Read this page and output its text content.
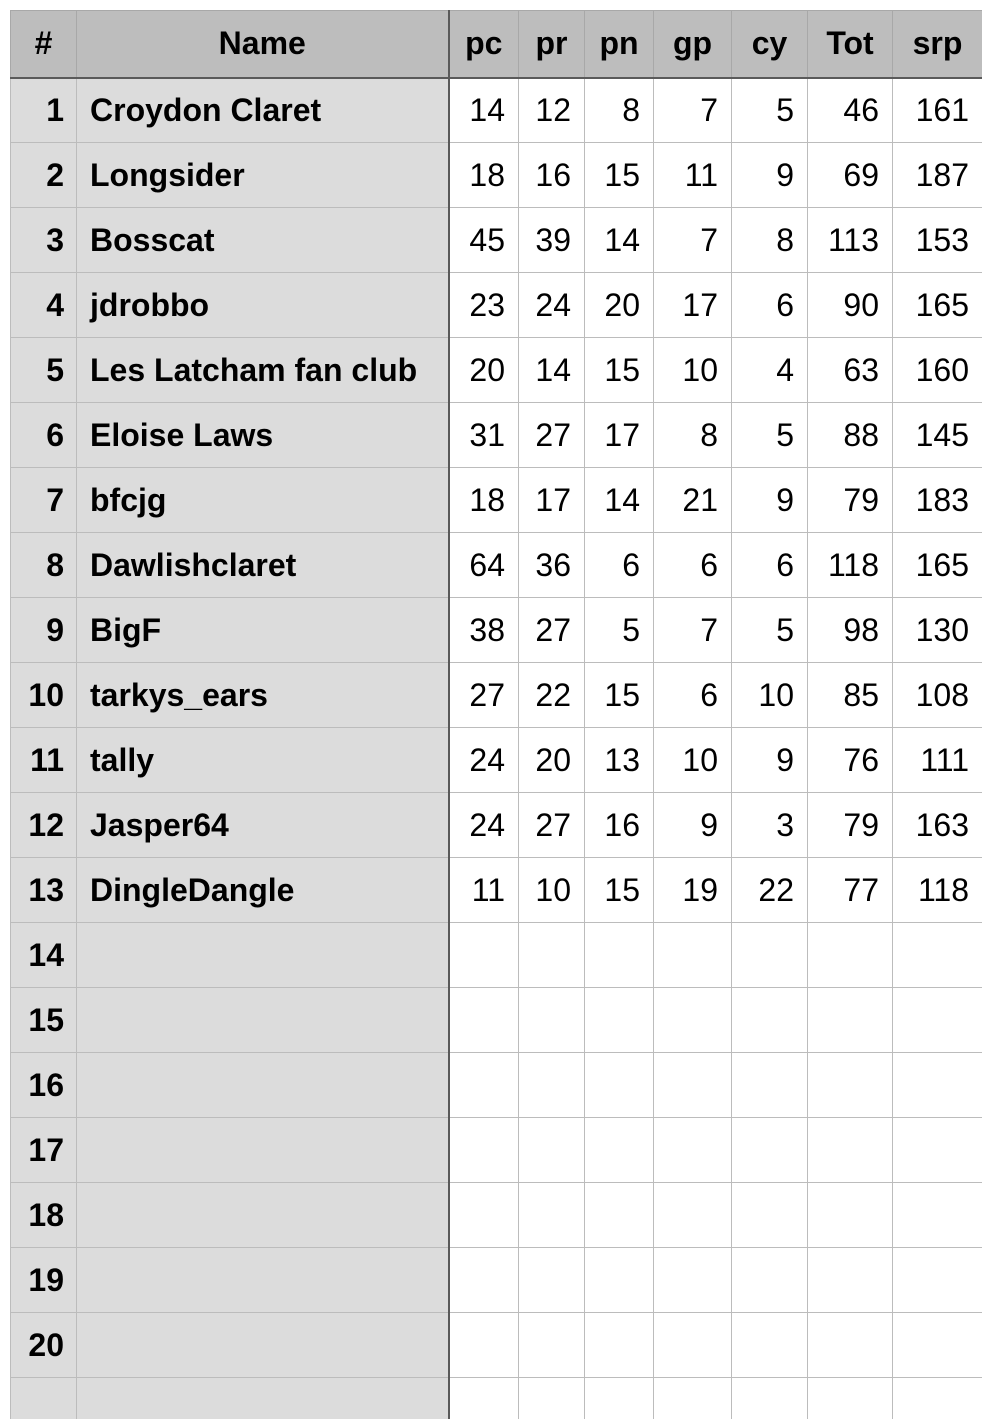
#	Name	pc	pr	pn	gp	cy	Tot	srp
1	Croydon Claret	14	12	8	7	5	46	161
2	Longsider	18	16	15	11	9	69	187
3	Bosscat	45	39	14	7	8	113	153
4	jdrobbo	23	24	20	17	6	90	165
5	Les Latcham fan club	20	14	15	10	4	63	160
6	Eloise Laws	31	27	17	8	5	88	145
7	bfcjg	18	17	14	21	9	79	183
8	Dawlishclaret	64	36	6	6	6	118	165
9	BigF	38	27	5	7	5	98	130
10	tarkys_ears	27	22	15	6	10	85	108
11	tally	24	20	13	10	9	76	111
12	Jasper64	24	27	16	9	3	79	163
13	DingleDangle	11	10	15	19	22	77	118
14								
15								
16								
17								
18								
19								
20								
